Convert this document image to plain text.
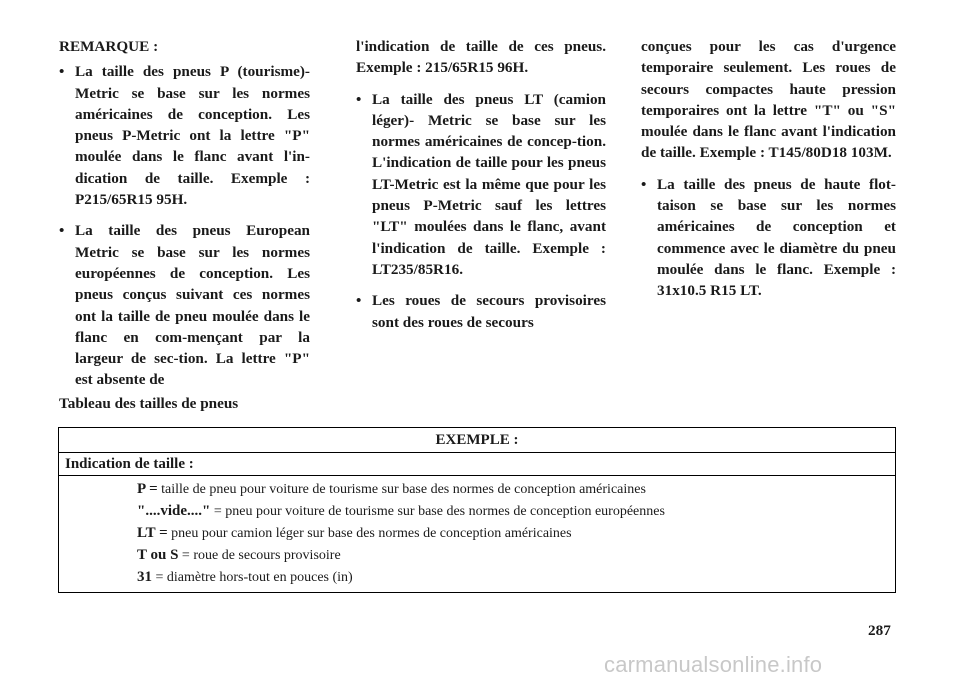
REMARQUE :

• La taille des pneus P (tourisme)-Metric se base sur les normes américaines de conception. Les pneus P-Metric ont la lettre "P" moulée dans le flanc avant l'in-dication de taille. Exemple : P215/65R15 95H.

• La taille des pneus European Metric se base sur les normes européennes de conception. Les pneus conçus suivant ces normes ont la taille de pneu moulée dans le flanc en com-mençant par la largeur de sec-tion. La lettre "P" est absente de

l'indication de taille de ces pneus. Exemple : 215/65R15 96H.

• La taille des pneus LT (camion léger)- Metric se base sur les normes américaines de concep-tion. L'indication de taille pour les pneus LT-Metric est la même que pour les pneus P-Metric sauf les lettres "LT" moulées dans le flanc, avant l'indication de taille. Exemple : LT235/85R16.

• Les roues de secours provisoires sont des roues de secours

conçues pour les cas d'urgence temporaire seulement. Les roues de secours compactes haute pression temporaires ont la lettre "T" ou "S" moulée dans le flanc avant l'indication de taille. Exemple : T145/80D18 103M.

• La taille des pneus de haute flot-taison se base sur les normes américaines de conception et commence avec le diamètre du pneu moulée dans le flanc. Exemple : 31x10.5 R15 LT.

Tableau des tailles de pneus
EXEMPLE :
Indication de taille :
P = taille de pneu pour voiture de tourisme sur base des normes de conception américaines
"....vide...." = pneu pour voiture de tourisme sur base des normes de conception européennes
LT = pneu pour camion léger sur base des normes de conception américaines
T ou S = roue de secours provisoire
31 = diamètre hors-tout en pouces (in)
287
carmanualsonline.info
